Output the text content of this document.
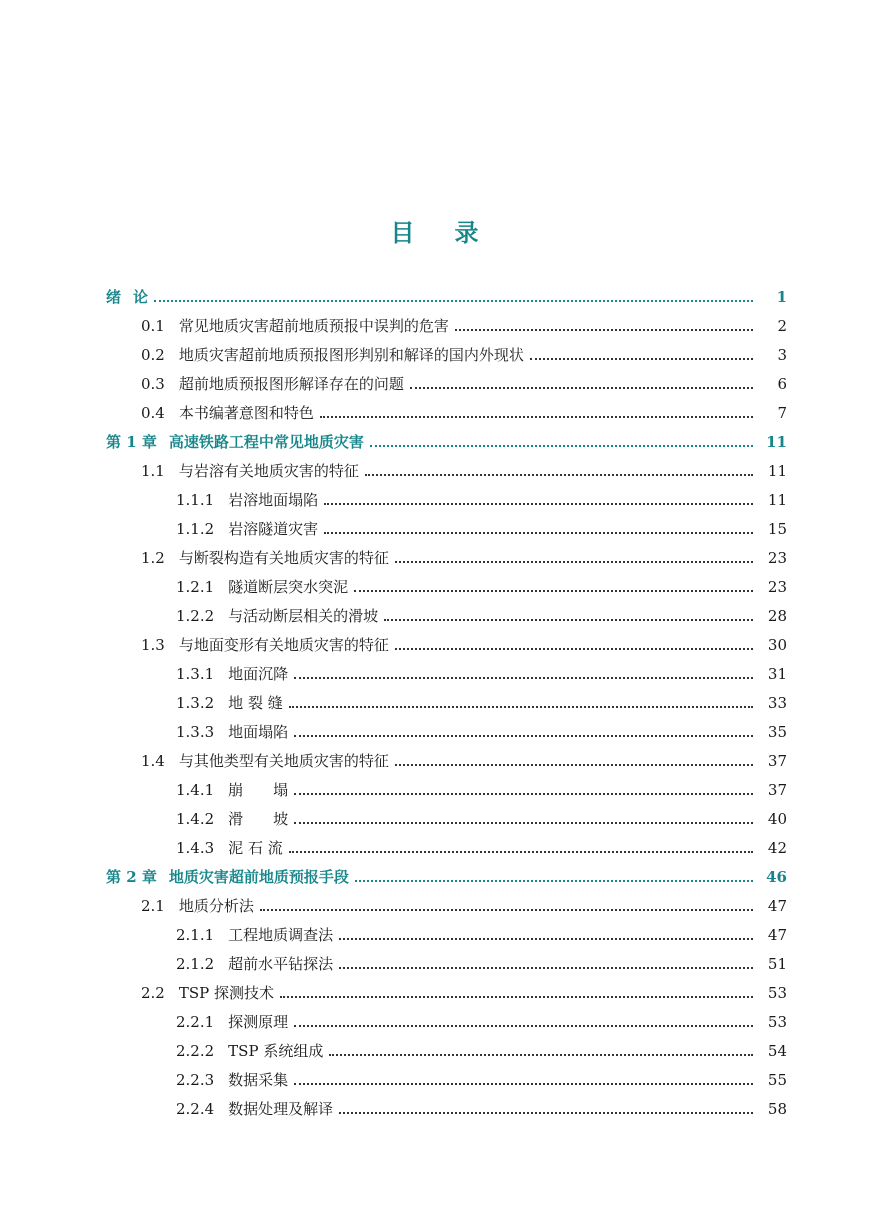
目录
绪 论	1
0.1 常见地质灾害超前地质预报中误判的危害	2
0.2 地质灾害超前地质预报图形判别和解译的国内外现状	3
0.3 超前地质预报图形解译存在的问题	6
0.4 本书编著意图和特色	7
第 1 章 高速铁路工程中常见地质灾害	11
1.1 与岩溶有关地质灾害的特征	11
1.1.1 岩溶地面塌陷	11
1.1.2 岩溶隧道灾害	15
1.2 与断裂构造有关地质灾害的特征	23
1.2.1 隧道断层突水突泥	23
1.2.2 与活动断层相关的滑坡	28
1.3 与地面变形有关地质灾害的特征	30
1.3.1 地面沉降	31
1.3.2 地 裂 缝	33
1.3.3 地面塌陷	35
1.4 与其他类型有关地质灾害的特征	37
1.4.1 崩　　塌	37
1.4.2 滑　　坡	40
1.4.3 泥 石 流	42
第 2 章 地质灾害超前地质预报手段	46
2.1 地质分析法	47
2.1.1 工程地质调查法	47
2.1.2 超前水平钻探法	51
2.2 TSP 探测技术	53
2.2.1 探测原理	53
2.2.2 TSP 系统组成	54
2.2.3 数据采集	55
2.2.4 数据处理及解译	58
